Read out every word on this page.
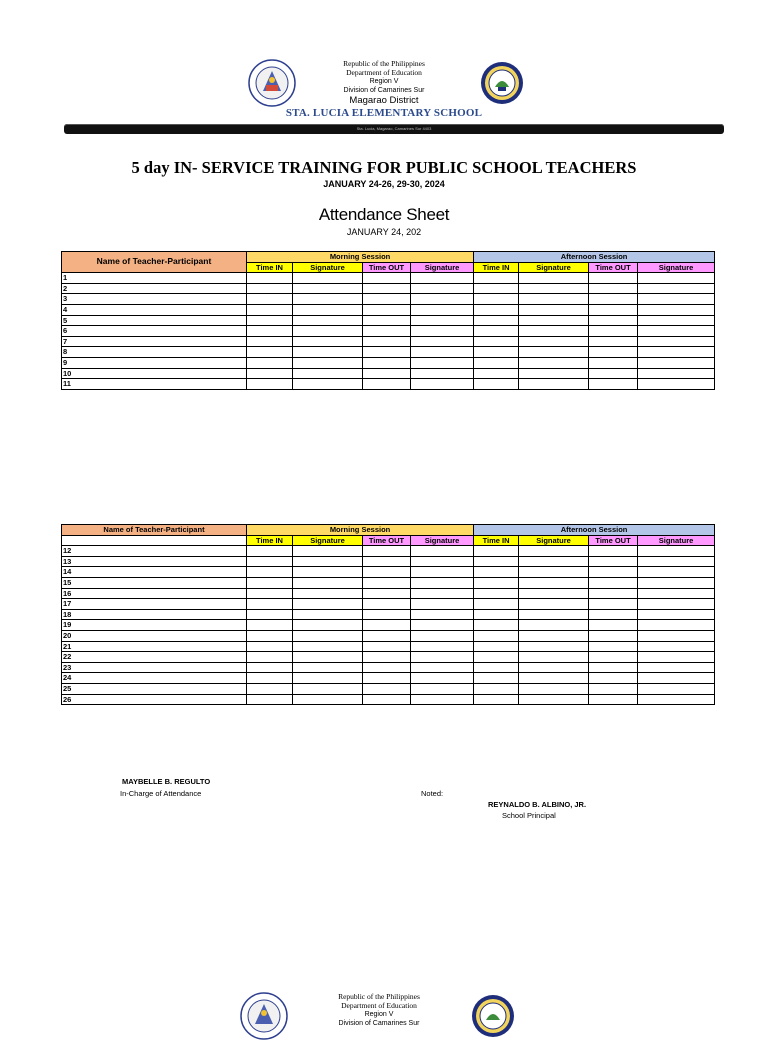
Republic of the Philippines
Department of Education
Region V
Division of Camarines Sur
Magarao District
STA. LUCIA ELEMENTARY SCHOOL
Sta. Lucia, Magarao, Camarines Sur 4403
5 day IN- SERVICE TRAINING FOR PUBLIC SCHOOL TEACHERS
JANUARY 24-26, 29-30, 2024
Attendance Sheet
JANUARY 24, 202
Name of Teacher-Participant	Morning Session				Afternoon Session			
	Time IN	Signature	Time OUT	Signature	Time IN	Signature	Time OUT	Signature
1								
2								
3								
4								
5								
6								
7								
8								
9								
10								
11								
Name of Teacher-Participant	Morning Session				Afternoon Session			
	Time IN	Signature	Time OUT	Signature	Time IN	Signature	Time OUT	Signature
12								
13								
14								
15								
16								
17								
18								
19								
20								
21								
22								
23								
24								
25								
26								
MAYBELLE B. REGULTO
In-Charge of Attendance	Noted:
REYNALDO B. ALBINO, JR.
School Principal
Republic of the Philippines
Department of Education
Region V
Division of Camarines Sur
